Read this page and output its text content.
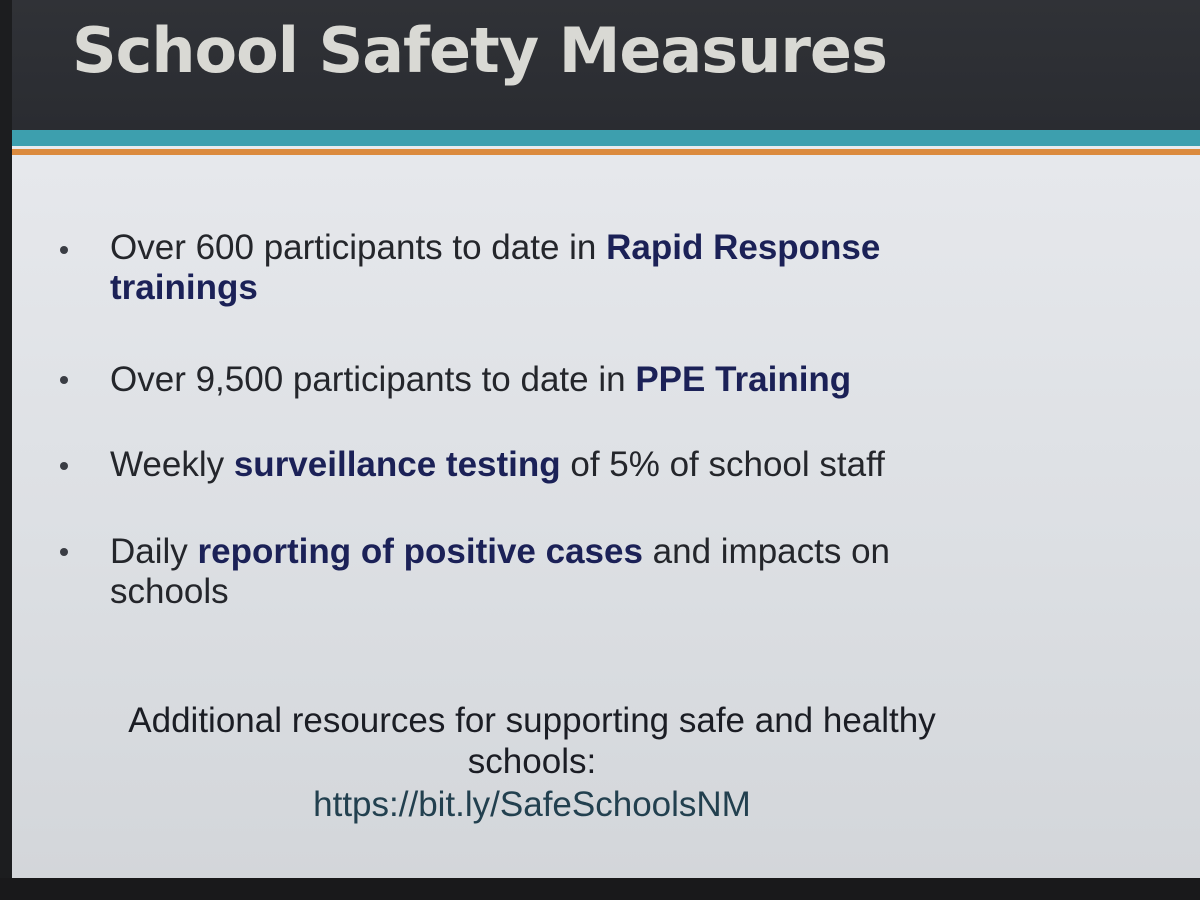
School Safety Measures
Over 600 participants to date in Rapid Response trainings
Over 9,500 participants to date in PPE Training
Weekly surveillance testing of 5% of school staff
Daily reporting of positive cases and impacts on schools
Additional resources for supporting safe and healthy schools:
https://bit.ly/SafeSchoolsNM
